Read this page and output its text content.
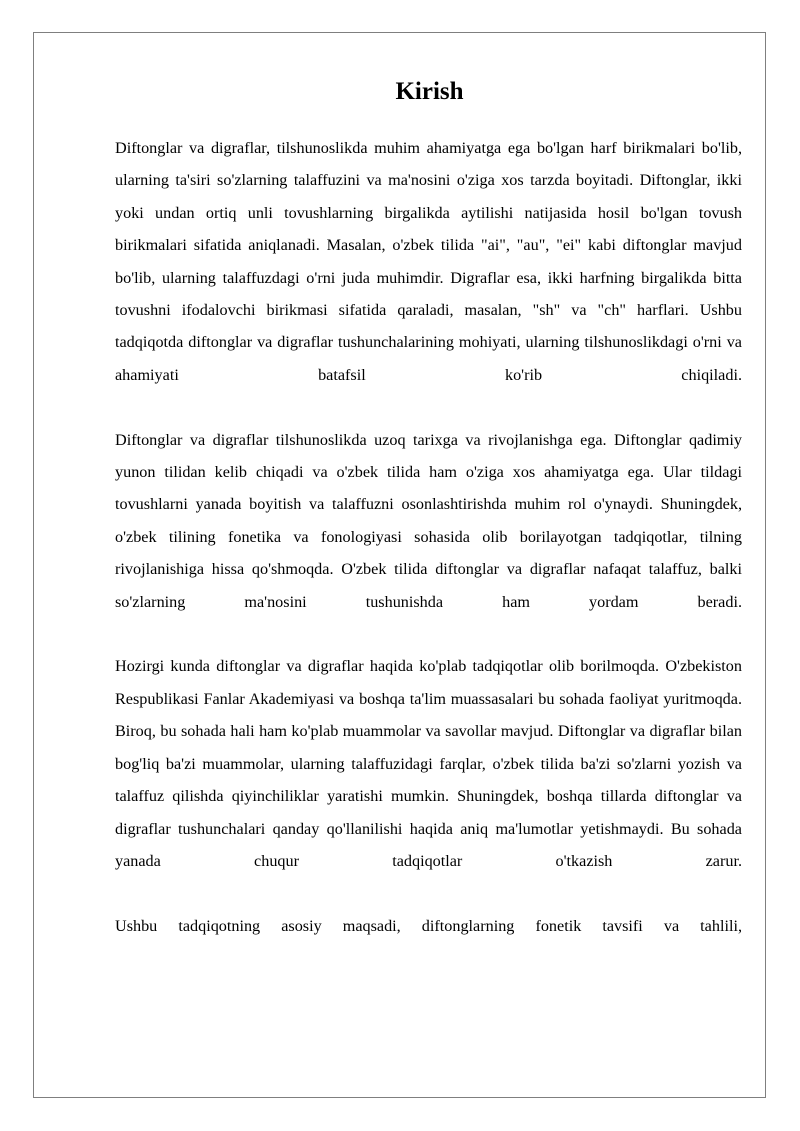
Kirish

Diftonglar va digraflar, tilshunoslikda muhim ahamiyatga ega bo'lgan harf birikmalari bo'lib, ularning ta'siri so'zlarning talaffuzini va ma'nosini o'ziga xos tarzda boyitadi. Diftonglar, ikki yoki undan ortiq unli tovushlarning birgalikda aytilishi natijasida hosil bo'lgan tovush birikmalari sifatida aniqlanadi. Masalan, o'zbek tilida "ai", "au", "ei" kabi diftonglar mavjud bo'lib, ularning talaffuzdagi o'rni juda muhimdir. Digraflar esa, ikki harfning birgalikda bitta tovushni ifodalovchi birikmasi sifatida qaraladi, masalan, "sh" va "ch" harflari. Ushbu tadqiqotda diftonglar va digraflar tushunchalarining mohiyati, ularning tilshunoslikdagi o'rni va ahamiyati batafsil ko'rib chiqiladi.

Diftonglar va digraflar tilshunoslikda uzoq tarixga va rivojlanishga ega. Diftonglar qadimiy yunon tilidan kelib chiqadi va o'zbek tilida ham o'ziga xos ahamiyatga ega. Ular tildagi tovushlarni yanada boyitish va talaffuzni osonlashtirishda muhim rol o'ynaydi. Shuningdek, o'zbek tilining fonetika va fonologiyasi sohasida olib borilayotgan tadqiqotlar, tilning rivojlanishiga hissa qo'shmoqda. O'zbek tilida diftonglar va digraflar nafaqat talaffuz, balki so'zlarning ma'nosini tushunishda ham yordam beradi.

Hozirgi kunda diftonglar va digraflar haqida ko'plab tadqiqotlar olib borilmoqda. O'zbekiston Respublikasi Fanlar Akademiyasi va boshqa ta'lim muassasalari bu sohada faoliyat yuritmoqda. Biroq, bu sohada hali ham ko'plab muammolar va savollar mavjud. Diftonglar va digraflar bilan bog'liq ba'zi muammolar, ularning talaffuzidagi farqlar, o'zbek tilida ba'zi so'zlarni yozish va talaffuz qilishda qiyinchiliklar yaratishi mumkin. Shuningdek, boshqa tillarda diftonglar va digraflar tushunchalari qanday qo'llanilishi haqida aniq ma'lumotlar yetishmaydi. Bu sohada yanada chuqur tadqiqotlar o'tkazish zarur.

Ushbu tadqiqotning asosiy maqsadi, diftonglarning fonetik tavsifi va tahlili,
